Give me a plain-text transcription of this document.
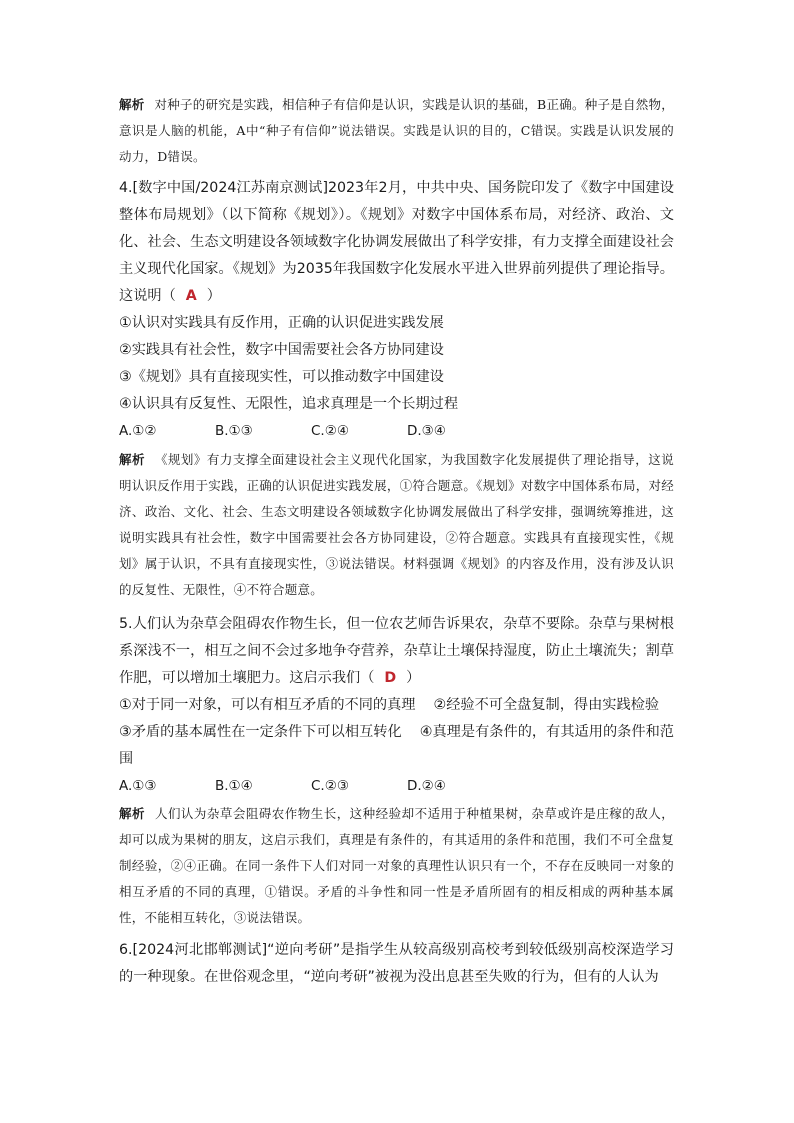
解析 对种子的研究是实践，相信种子有信仰是认识，实践是认识的基础，B正确。种子是自然物，意识是人脑的机能，A中“种子有信仰”说法错误。实践是认识的目的，C错误。实践是认识发展的动力，D错误。
4.[数字中国/2024江苏南京测试]2023年2月，中共中央、国务院印发了《数字中国建设整体布局规划》（以下简称《规划》）。《规划》对数字中国体系布局，对经济、政治、文化、社会、生态文明建设各领域数字化协调发展做出了科学安排，有力支撑全面建设社会主义现代化国家。《规划》为2035年我国数字化发展水平进入世界前列提供了理论指导。这说明（ A ）
①认识对实践具有反作用，正确的认识促进实践发展
②实践具有社会性，数字中国需要社会各方协同建设
③《规划》具有直接现实性，可以推动数字中国建设
④认识具有反复性、无限性，追求真理是一个长期过程
A.①②	B.①③	C.②④	D.③④
解析 《规划》有力支撑全面建设社会主义现代化国家，为我国数字化发展提供了理论指导，这说明认识反作用于实践，正确的认识促进实践发展，①符合题意。《规划》对数字中国体系布局，对经济、政治、文化、社会、生态文明建设各领域数字化协调发展做出了科学安排，强调统筹推进，这说明实践具有社会性，数字中国需要社会各方协同建设，②符合题意。实践具有直接现实性，《规划》属于认识，不具有直接现实性，③说法错误。材料强调《规划》的内容及作用，没有涉及认识的反复性、无限性，④不符合题意。
5.人们认为杂草会阻碍农作物生长，但一位农艺师告诉果农，杂草不要除。杂草与果树根系深浅不一，相互之间不会过多地争夺营养，杂草让土壤保持湿度，防止土壤流失；割草作肥，可以增加土壤肥力。这启示我们（ D ）
①对于同一对象，可以有相互矛盾的不同的真理 ②经验不可全盘复制，得由实践检验
③矛盾的基本属性在一定条件下可以相互转化 ④真理是有条件的，有其适用的条件和范围
A.①③	B.①④	C.②③	D.②④
解析 人们认为杂草会阻碍农作物生长，这种经验却不适用于种植果树，杂草或许是庄稼的敌人，却可以成为果树的朋友，这启示我们，真理是有条件的，有其适用的条件和范围，我们不可全盘复制经验，②④正确。在同一条件下人们对同一对象的真理性认识只有一个，不存在反映同一对象的相互矛盾的不同的真理，①错误。矛盾的斗争性和同一性是矛盾所固有的相反相成的两种基本属性，不能相互转化，③说法错误。
6.[2024河北邯郸测试]“逆向考研”是指学生从较高级别高校考到较低级别高校深造学习的一种现象。在世俗观念里，“逆向考研”被视为没出息甚至失败的行为，但有的人认为
